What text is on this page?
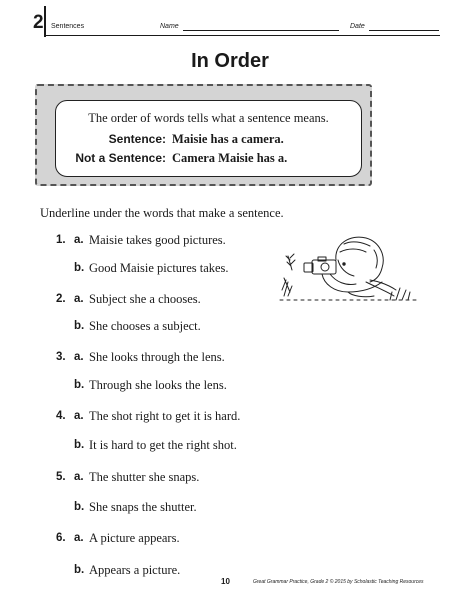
2 Sentences	Name	Date
In Order
The order of words tells what a sentence means.
Sentence: Maisie has a camera.
Not a Sentence: Camera Maisie has a.
Underline under the words that make a sentence.
1. a. Maisie takes good pictures.
b. Good Maisie pictures takes.
2. a. Subject she a chooses.
b. She chooses a subject.
3. a. She looks through the lens.
b. Through she looks the lens.
4. a. The shot right to get it is hard.
b. It is hard to get the right shot.
5. a. The shutter she snaps.
b. She snaps the shutter.
6. a. A picture appears.
b. Appears a picture.
10	Great Grammar Practice, Grade 2 © 2015 by Scholastic Teaching Resources
